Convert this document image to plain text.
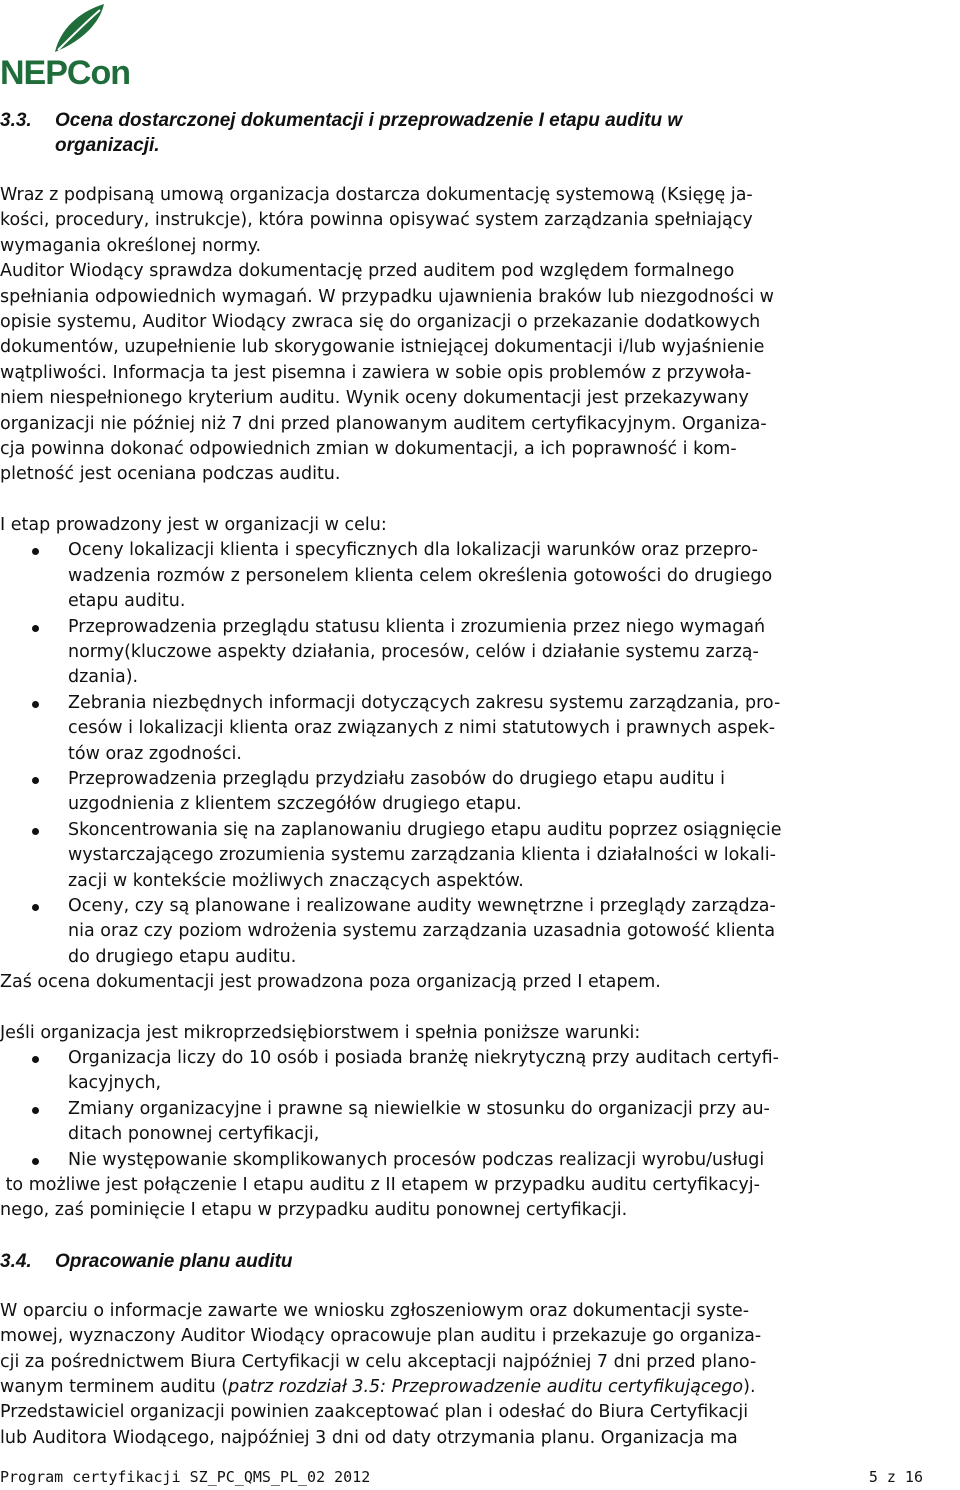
NEPCon
3.3. Ocena dostarczonej dokumentacji i przeprowadzenie I etapu auditu w
organizacji.

Wraz z podpisaną umową organizacja dostarcza dokumentację systemową (Księgę ja-

kości, procedury, instrukcje), która powinna opisywać system zarządzania spełniający

wymagania określonej normy.

Auditor Wiodący sprawdza dokumentację przed auditem pod względem formalnego

spełniania odpowiednich wymagań. W przypadku ujawnienia braków lub niezgodności w

opisie systemu, Auditor Wiodący zwraca się do organizacji o przekazanie dodatkowych

dokumentów, uzupełnienie lub skorygowanie istniejącej dokumentacji i/lub wyjaśnienie

wątpliwości. Informacja ta jest pisemna i zawiera w sobie opis problemów z przywoła-

niem niespełnionego kryterium auditu. Wynik oceny dokumentacji jest przekazywany

organizacji nie później niż 7 dni przed planowanym auditem certyfikacyjnym. Organiza-

cja powinna dokonać odpowiednich zmian w dokumentacji, a ich poprawność i kom-

pletność jest oceniana podczas auditu.

I etap prowadzony jest w organizacji w celu:

Oceny lokalizacji klienta i specyficznych dla lokalizacji warunków oraz przepro-
wadzenia rozmów z personelem klienta celem określenia gotowości do drugiego
etapu auditu.
Przeprowadzenia przeglądu statusu klienta i zrozumienia przez niego wymagań
normy(kluczowe aspekty działania, procesów, celów i działanie systemu zarzą-
dzania).
Zebrania niezbędnych informacji dotyczących zakresu systemu zarządzania, pro-
cesów i lokalizacji klienta oraz związanych z nimi statutowych i prawnych aspek-
tów oraz zgodności.
Przeprowadzenia przeglądu przydziału zasobów do drugiego etapu auditu i
uzgodnienia z klientem szczegółów drugiego etapu.
Skoncentrowania się na zaplanowaniu drugiego etapu auditu poprzez osiągnięcie
wystarczającego zrozumienia systemu zarządzania klienta i działalności w lokali-
zacji w kontekście możliwych znaczących aspektów.
Oceny, czy są planowane i realizowane audity wewnętrzne i przeglądy zarządza-
nia oraz czy poziom wdrożenia systemu zarządzania uzasadnia gotowość klienta
do drugiego etapu auditu.

Zaś ocena dokumentacji jest prowadzona poza organizacją przed I etapem.

Jeśli organizacja jest mikroprzedsiębiorstwem i spełnia poniższe warunki:

Organizacja liczy do 10 osób i posiada branżę niekrytyczną przy auditach certyfi-
kacyjnych,
Zmiany organizacyjne i prawne są niewielkie w stosunku do organizacji przy au-
ditach ponownej certyfikacji,
Nie występowanie skomplikowanych procesów podczas realizacji wyrobu/usługi

to możliwe jest połączenie I etapu auditu z II etapem w przypadku auditu certyfikacyj-

nego, zaś pominięcie I etapu w przypadku auditu ponownej certyfikacji.

3.4. Opracowanie planu auditu

W oparciu o informacje zawarte we wniosku zgłoszeniowym oraz dokumentacji syste-

mowej, wyznaczony Auditor Wiodący opracowuje plan auditu i przekazuje go organiza-

cji za pośrednictwem Biura Certyfikacji w celu akceptacji najpóźniej 7 dni przed plano-

wanym terminem auditu (patrz rozdział 3.5: Przeprowadzenie auditu certyfikującego).

Przedstawiciel organizacji powinien zaakceptować plan i odesłać do Biura Certyfikacji

lub Auditora Wiodącego, najpóźniej 3 dni od daty otrzymania planu. Organizacja ma

Program certyfikacji SZ_PC_QMS_PL_02 2012	5 z 16
